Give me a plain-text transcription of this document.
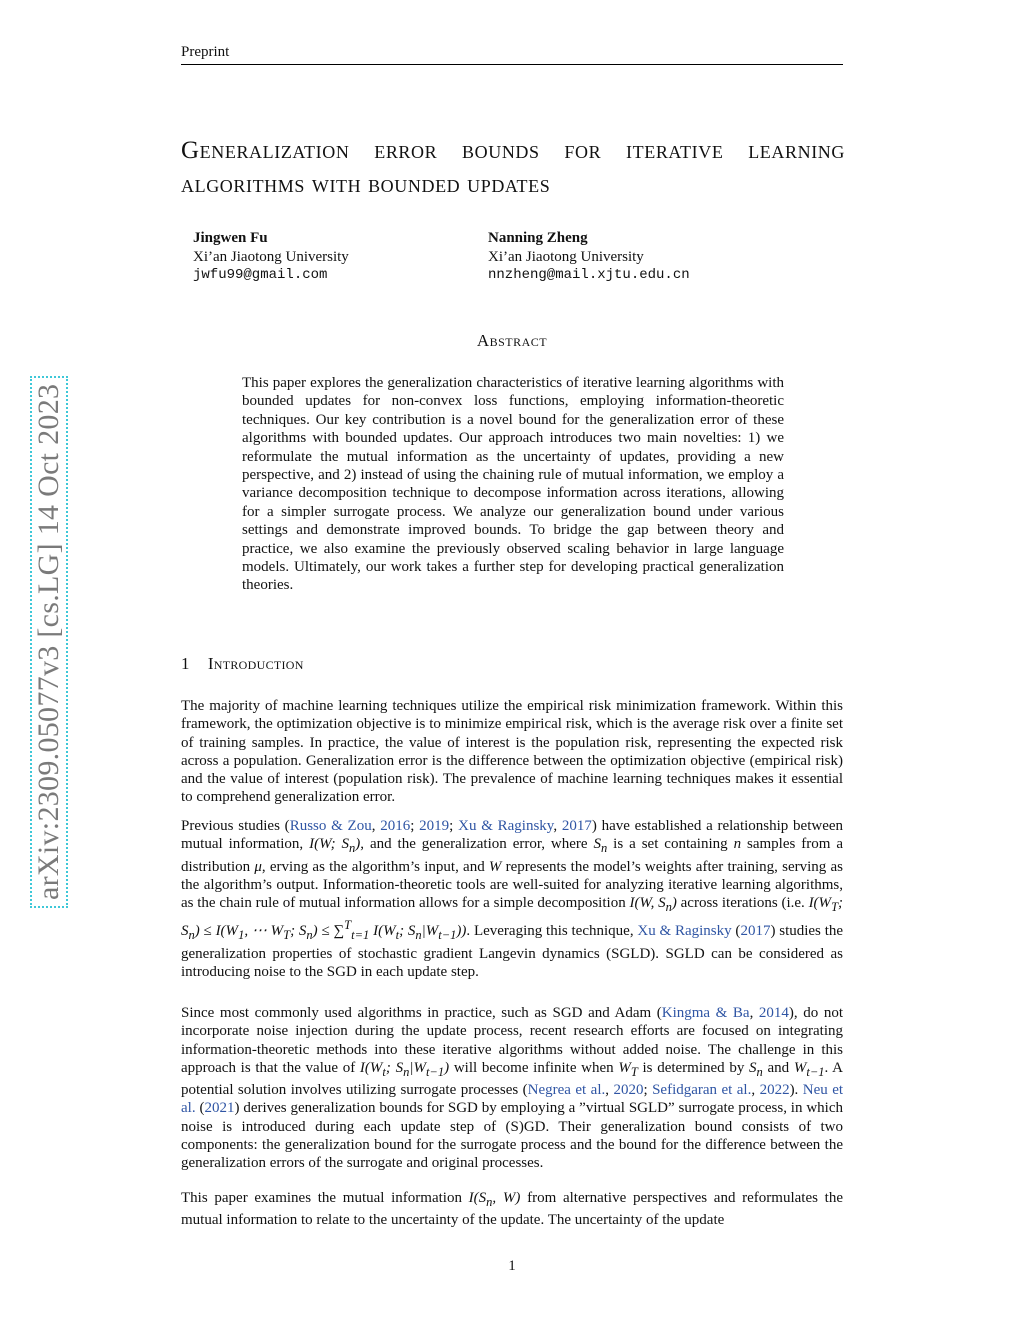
Preprint
arXiv:2309.05077v3 [cs.LG] 14 Oct 2023
Generalization error bounds for iterative learning algorithms with bounded updates
Jingwen Fu
Xi’an Jiaotong University
jwfu99@gmail.com
Nanning Zheng
Xi’an Jiaotong University
nnzheng@mail.xjtu.edu.cn
Abstract

This paper explores the generalization characteristics of iterative learning algorithms with bounded updates for non-convex loss functions, employing information-theoretic techniques. Our key contribution is a novel bound for the generalization error of these algorithms with bounded updates. Our approach introduces two main novelties: 1) we reformulate the mutual information as the uncertainty of updates, providing a new perspective, and 2) instead of using the chaining rule of mutual information, we employ a variance decomposition technique to decompose information across iterations, allowing for a simpler surrogate process. We analyze our generalization bound under various settings and demonstrate improved bounds. To bridge the gap between theory and practice, we also examine the previously observed scaling behavior in large language models. Ultimately, our work takes a further step for developing practical generalization theories.

1 Introduction

The majority of machine learning techniques utilize the empirical risk minimization framework. Within this framework, the optimization objective is to minimize empirical risk, which is the average risk over a finite set of training samples. In practice, the value of interest is the population risk, representing the expected risk across a population. Generalization error is the difference between the optimization objective (empirical risk) and the value of interest (population risk). The prevalence of machine learning techniques makes it essential to comprehend generalization error.

Previous studies (Russo & Zou, 2016; 2019; Xu & Raginsky, 2017) have established a relationship between mutual information, I(W; $S_n$), and the generalization error, where $S_n$ is a set containing n samples from a distribution μ, erving as the algorithm’s input, and W represents the model’s weights after training, serving as the algorithm’s output. Information-theoretic tools are well-suited for analyzing iterative learning algorithms, as the chain rule of mutual information allows for a simple decomposition I(W, $S_n$) across iterations (i.e. $I(W_T$; $S_n) \le I(W_1$, ⋯ $W_T$; $S_n) \le \sum^T_{t=1}$ $I(W_t$; $S_n|W_{t-1}$)). Leveraging this technique, Xu & Raginsky (2017) studies the generalization properties of stochastic gradient Langevin dynamics (SGLD). SGLD can be considered as introducing noise to the SGD in each update step.

Since most commonly used algorithms in practice, such as SGD and Adam (Kingma & Ba, 2014), do not incorporate noise injection during the update process, recent research efforts are focused on integrating information-theoretic methods into these iterative algorithms without added noise. The challenge in this approach is that the value of $I(W_t$; $S_n|W_{t-1}$) will become infinite when $W_T$ is determined by $S_n$ and $W_{t-1}$. A potential solution involves utilizing surrogate processes (Negrea et al., 2020; Sefidgaran et al., 2022). Neu et al. (2021) derives generalization bounds for SGD by employing a ”virtual SGLD” surrogate process, in which noise is introduced during each update step of (S)GD. Their generalization bound consists of two components: the generalization bound for the surrogate process and the bound for the difference between the generalization errors of the surrogate and original processes.

This paper examines the mutual information $I(S_n$, W) from alternative perspectives and reformulates the mutual information to relate to the uncertainty of the update. The uncertainty of the update

1
